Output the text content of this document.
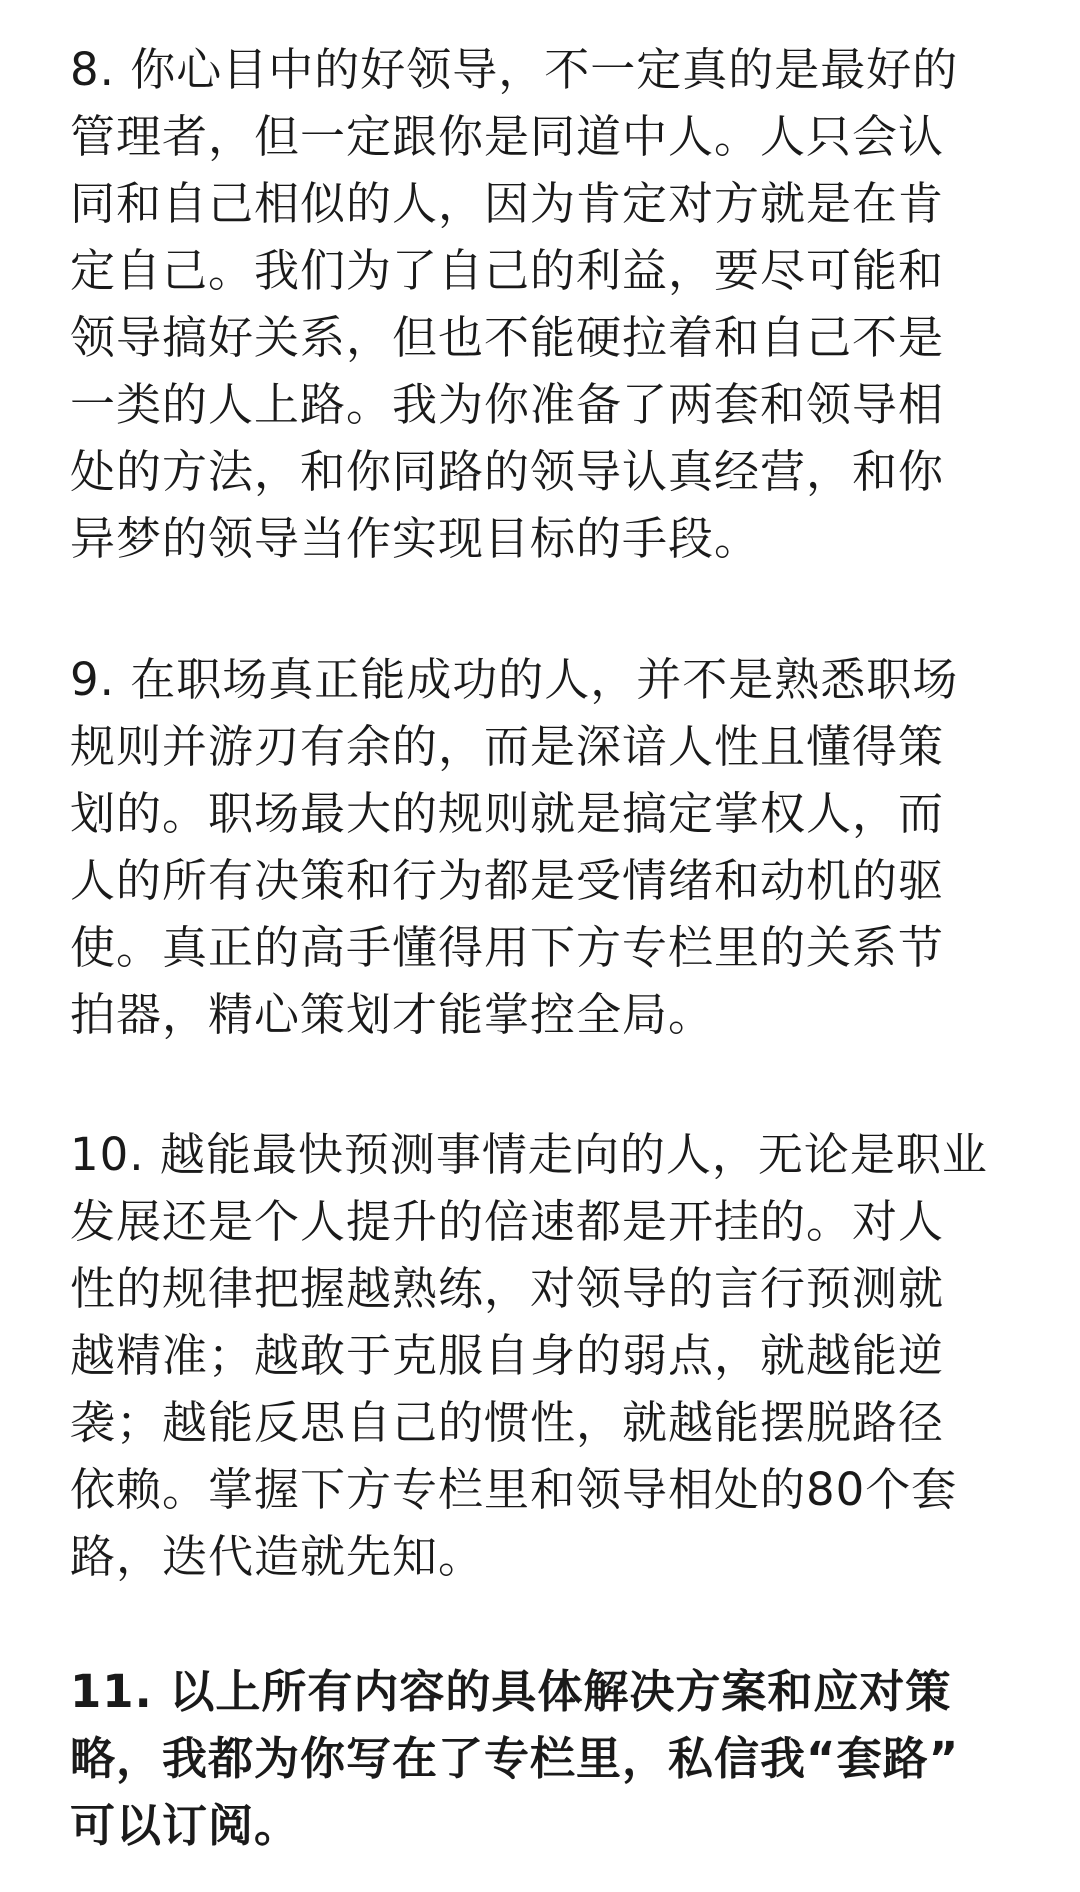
8. 你心目中的好领导，不一定真的是最好的
管理者，但一定跟你是同道中人。人只会认
同和自己相似的人，因为肯定对方就是在肯
定自己。我们为了自己的利益，要尽可能和
领导搞好关系，但也不能硬拉着和自己不是
一类的人上路。我为你准备了两套和领导相
处的方法，和你同路的领导认真经营，和你
异梦的领导当作实现目标的手段。

9. 在职场真正能成功的人，并不是熟悉职场
规则并游刃有余的，而是深谙人性且懂得策
划的。职场最大的规则就是搞定掌权人，而
人的所有决策和行为都是受情绪和动机的驱
使。真正的高手懂得用下方专栏里的关系节
拍器，精心策划才能掌控全局。

10. 越能最快预测事情走向的人，无论是职业
发展还是个人提升的倍速都是开挂的。对人
性的规律把握越熟练，对领导的言行预测就
越精准；越敢于克服自身的弱点，就越能逆
袭；越能反思自己的惯性，就越能摆脱路径
依赖。掌握下方专栏里和领导相处的80个套
路，迭代造就先知。

11. 以上所有内容的具体解决方案和应对策
略，我都为你写在了专栏里，私信我“套路”
可以订阅。
